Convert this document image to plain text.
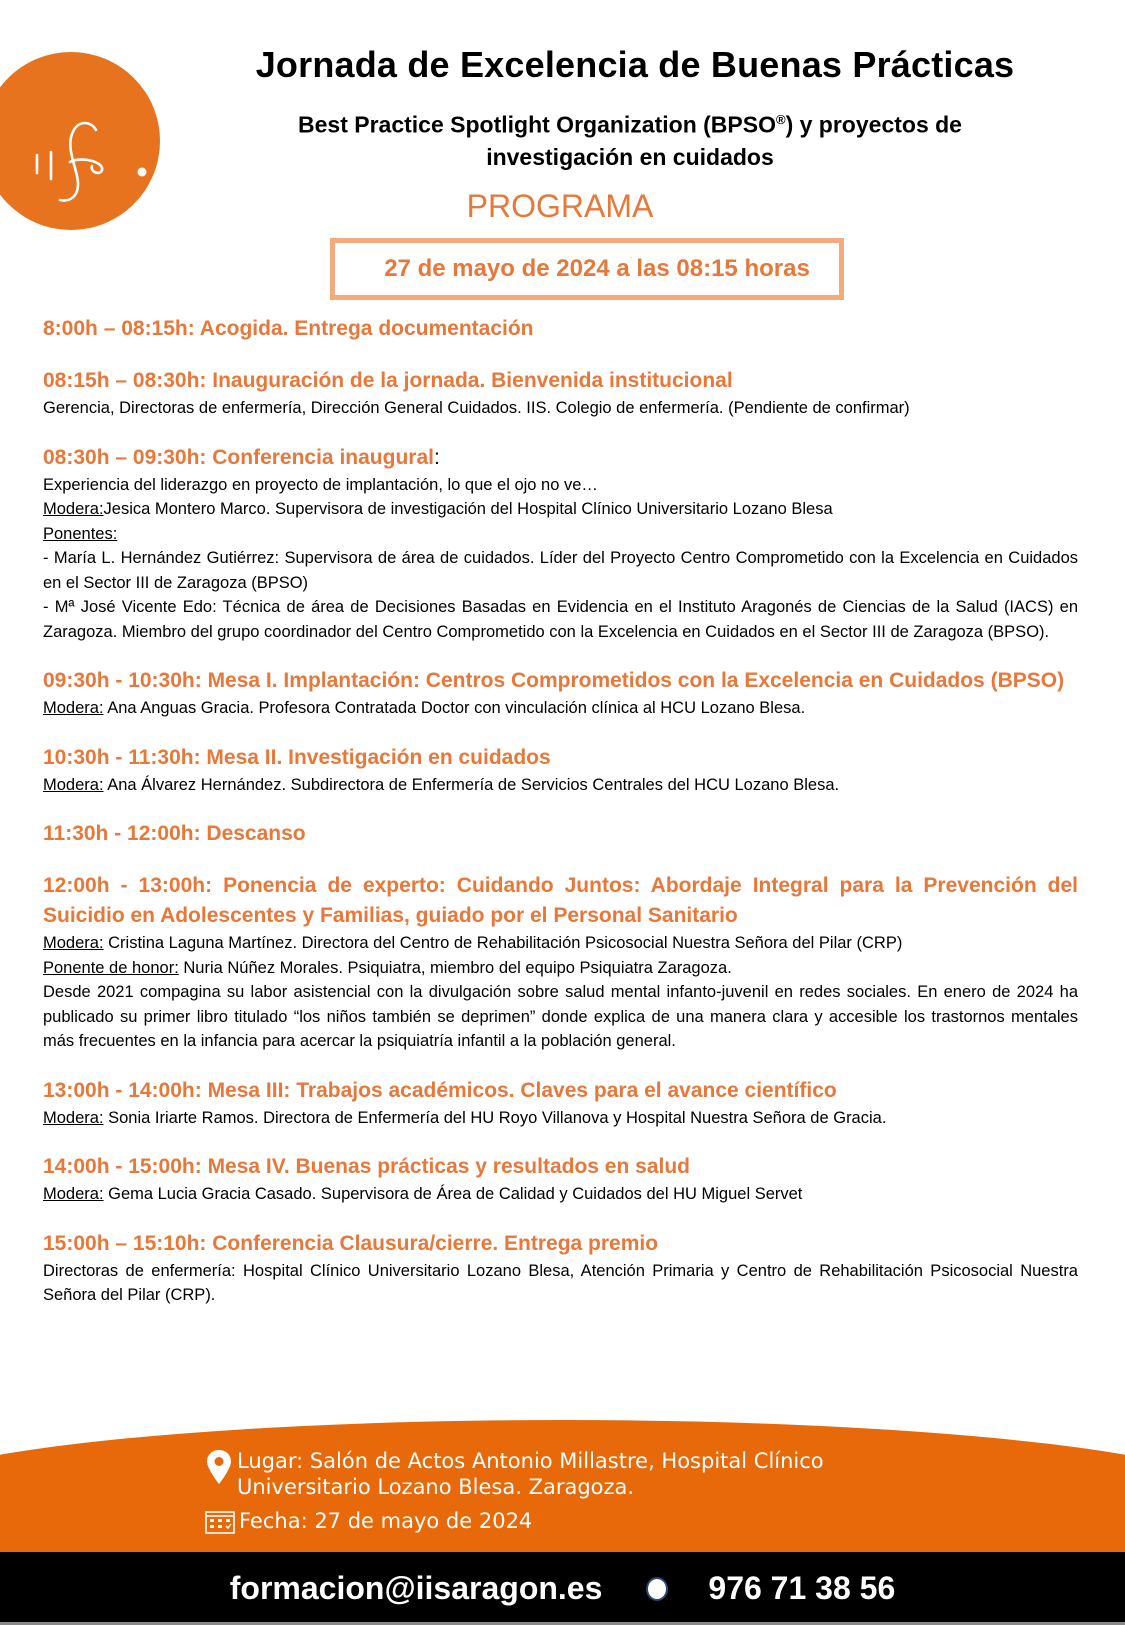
Jornada de Excelencia de Buenas Prácticas
Best Practice Spotlight Organization (BPSO®) y proyectos de investigación en cuidados
PROGRAMA
27 de mayo de 2024 a las 08:15 horas
8:00h – 08:15h: Acogida. Entrega documentación
08:15h – 08:30h: Inauguración de la jornada. Bienvenida institucional
Gerencia, Directoras de enfermería, Dirección General Cuidados. IIS. Colegio de enfermería. (Pendiente de confirmar)
08:30h – 09:30h: Conferencia inaugural:
Experiencia del liderazgo en proyecto de implantación, lo que el ojo no ve…
Modera:Jesica Montero Marco. Supervisora de investigación del Hospital Clínico Universitario Lozano Blesa
Ponentes:
- María L. Hernández Gutiérrez: Supervisora de área de cuidados. Líder del Proyecto Centro Comprometido con la Excelencia en Cuidados en el Sector III de Zaragoza (BPSO)
- Mª José Vicente Edo: Técnica de área de Decisiones Basadas en Evidencia en el Instituto Aragonés de Ciencias de la Salud (IACS) en Zaragoza. Miembro del grupo coordinador del Centro Comprometido con la Excelencia en Cuidados en el Sector III de Zaragoza (BPSO).
09:30h - 10:30h: Mesa I. Implantación: Centros Comprometidos con la Excelencia en Cuidados (BPSO)
Modera: Ana Anguas Gracia. Profesora Contratada Doctor con vinculación clínica al HCU Lozano Blesa.
10:30h - 11:30h: Mesa II. Investigación en cuidados
Modera: Ana Álvarez Hernández. Subdirectora de Enfermería de Servicios Centrales del HCU Lozano Blesa.
11:30h - 12:00h: Descanso
12:00h - 13:00h: Ponencia de experto: Cuidando Juntos: Abordaje Integral para la Prevención del Suicidio en Adolescentes y Familias, guiado por el Personal Sanitario
Modera: Cristina Laguna Martínez. Directora del Centro de Rehabilitación Psicosocial Nuestra Señora del Pilar (CRP)
Ponente de honor: Nuria Núñez Morales. Psiquiatra, miembro del equipo Psiquiatra Zaragoza.
Desde 2021 compagina su labor asistencial con la divulgación sobre salud mental infanto-juvenil en redes sociales. En enero de 2024 ha publicado su primer libro titulado “los niños también se deprimen” donde explica de una manera clara y accesible los trastornos mentales más frecuentes en la infancia para acercar la psiquiatría infantil a la población general.
13:00h - 14:00h: Mesa III: Trabajos académicos. Claves para el avance científico
Modera: Sonia Iriarte Ramos. Directora de Enfermería del HU Royo Villanova y Hospital Nuestra Señora de Gracia.
14:00h - 15:00h: Mesa IV. Buenas prácticas y resultados en salud
Modera: Gema Lucia Gracia Casado. Supervisora de Área de Calidad y Cuidados del HU Miguel Servet
15:00h – 15:10h: Conferencia Clausura/cierre. Entrega premio
Directoras de enfermería: Hospital Clínico Universitario Lozano Blesa, Atención Primaria y Centro de Rehabilitación Psicosocial Nuestra Señora del Pilar (CRP).
Lugar: Salón de Actos Antonio Millastre, Hospital Clínico
Universitario Lozano Blesa. Zaragoza.
Fecha: 27 de mayo de 2024
formacion@iisaragon.es	976 71 38 56
